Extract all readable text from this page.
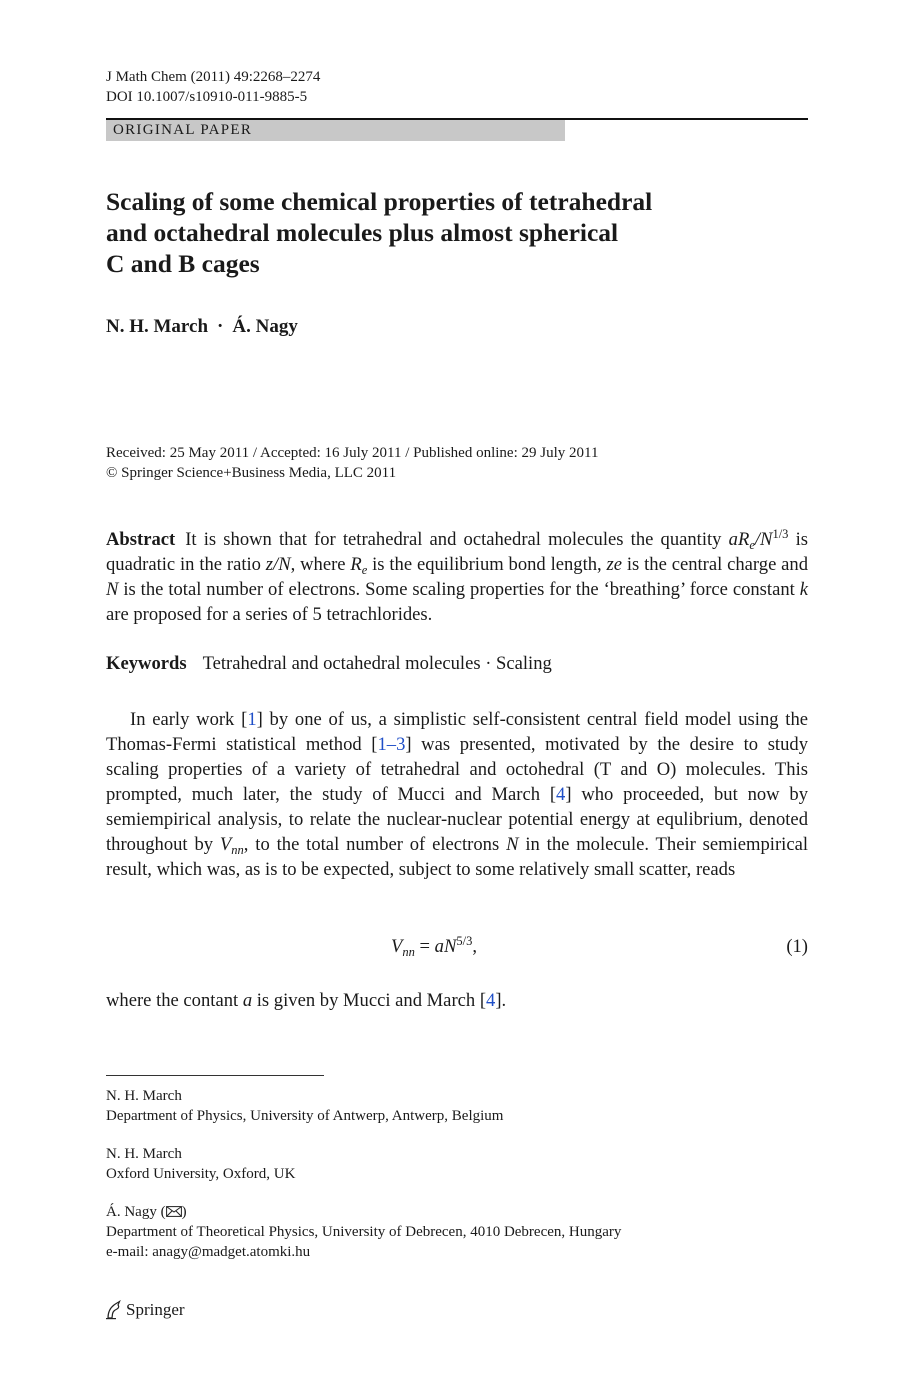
J Math Chem (2011) 49:2268–2274
DOI 10.1007/s10910-011-9885-5
ORIGINAL PAPER
Scaling of some chemical properties of tetrahedral
and octahedral molecules plus almost spherical
C and B cages
N. H. March · Á. Nagy
Received: 25 May 2011 / Accepted: 16 July 2011 / Published online: 29 July 2011
© Springer Science+Business Media, LLC 2011
Abstract It is shown that for tetrahedral and octahedral molecules the quantity $aR_e/N^{1/3}$ is quadratic in the ratio z/N, where $R_e$ is the equilibrium bond length, ze is the central charge and N is the total number of electrons. Some scaling properties for the ‘breathing’ force constant k are proposed for a series of 5 tetrachlorides.
Keywords Tetrahedral and octahedral molecules · Scaling

In early work [1] by one of us, a simplistic self-consistent central field model using the Thomas-Fermi statistical method [1–3] was presented, motivated by the desire to study scaling properties of a variety of tetrahedral and octohedral (T and O) molecules. This prompted, much later, the study of Mucci and March [4] who proceeded, but now by semiempirical analysis, to relate the nuclear-nuclear potential energy at equlibrium, denoted throughout by $V_{nn}$, to the total number of electrons N in the molecule. Their semiempirical result, which was, as is to be expected, subject to some relatively small scatter, reads

$V_{nn} = aN^{5/3}$,	(1)
where the contant a is given by Mucci and March [4].
N. H. March
Department of Physics, University of Antwerp, Antwerp, Belgium
N. H. March
Oxford University, Oxford, UK
Á. Nagy ( )
Department of Theoretical Physics, University of Debrecen, 4010 Debrecen, Hungary
e-mail: anagy@madget.atomki.hu
Springer
